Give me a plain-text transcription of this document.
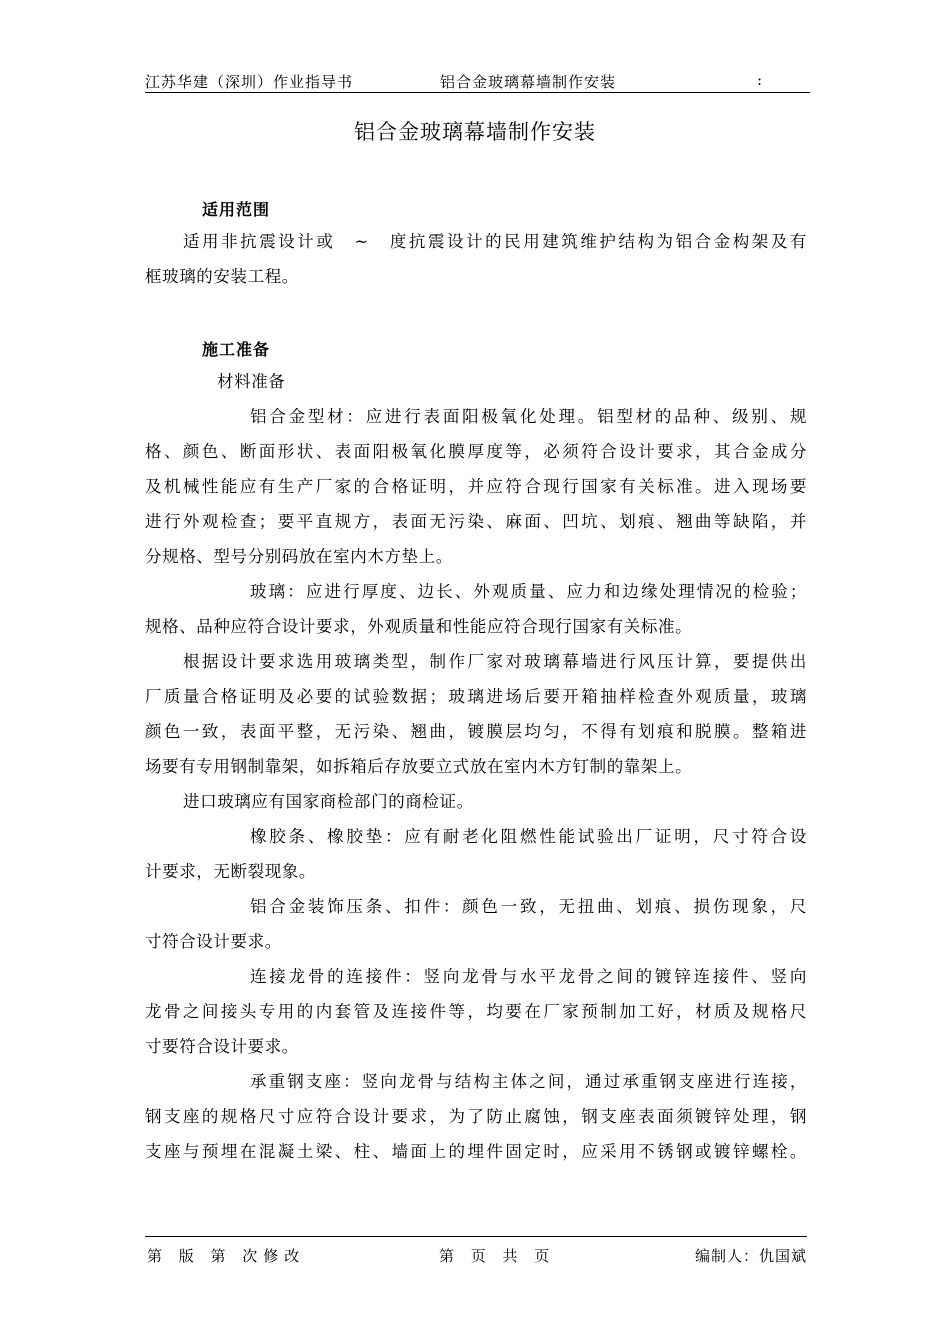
江苏华建（深圳）作业指导书	铝合金玻璃幕墙制作安装	:
铝合金玻璃幕墙制作安装
适用范围
适用非抗震设计或　~　度抗震设计的民用建筑维护结构为铝合金构架及有
框玻璃的安装工程。
施工准备
材料准备
铝合金型材：应进行表面阳极氧化处理。铝型材的品种、级别、规
格、颜色、断面形状、表面阳极氧化膜厚度等，必须符合设计要求，其合金成分
及机械性能应有生产厂家的合格证明，并应符合现行国家有关标准。进入现场要
进行外观检查；要平直规方，表面无污染、麻面、凹坑、划痕、翘曲等缺陷，并
分规格、型号分别码放在室内木方垫上。
玻璃：应进行厚度、边长、外观质量、应力和边缘处理情况的检验；
规格、品种应符合设计要求，外观质量和性能应符合现行国家有关标准。
根据设计要求选用玻璃类型，制作厂家对玻璃幕墙进行风压计算，要提供出
厂质量合格证明及必要的试验数据；玻璃进场后要开箱抽样检查外观质量，玻璃
颜色一致，表面平整，无污染、翘曲，镀膜层均匀，不得有划痕和脱膜。整箱进
场要有专用钢制靠架，如拆箱后存放要立式放在室内木方钉制的靠架上。
进口玻璃应有国家商检部门的商检证。
橡胶条、橡胶垫：应有耐老化阻燃性能试验出厂证明，尺寸符合设
计要求，无断裂现象。
铝合金装饰压条、扣件：颜色一致，无扭曲、划痕、损伤现象，尺
寸符合设计要求。
连接龙骨的连接件：竖向龙骨与水平龙骨之间的镀锌连接件、竖向
龙骨之间接头专用的内套管及连接件等，均要在厂家预制加工好，材质及规格尺
寸要符合设计要求。
承重钢支座：竖向龙骨与结构主体之间，通过承重钢支座进行连接，
钢支座的规格尺寸应符合设计要求，为了防止腐蚀，钢支座表面须镀锌处理，钢
支座与预埋在混凝土梁、柱、墙面上的埋件固定时，应采用不锈钢或镀锌螺栓。
第 版 第 次修改	第 页 共 页	编制人：仇国斌
